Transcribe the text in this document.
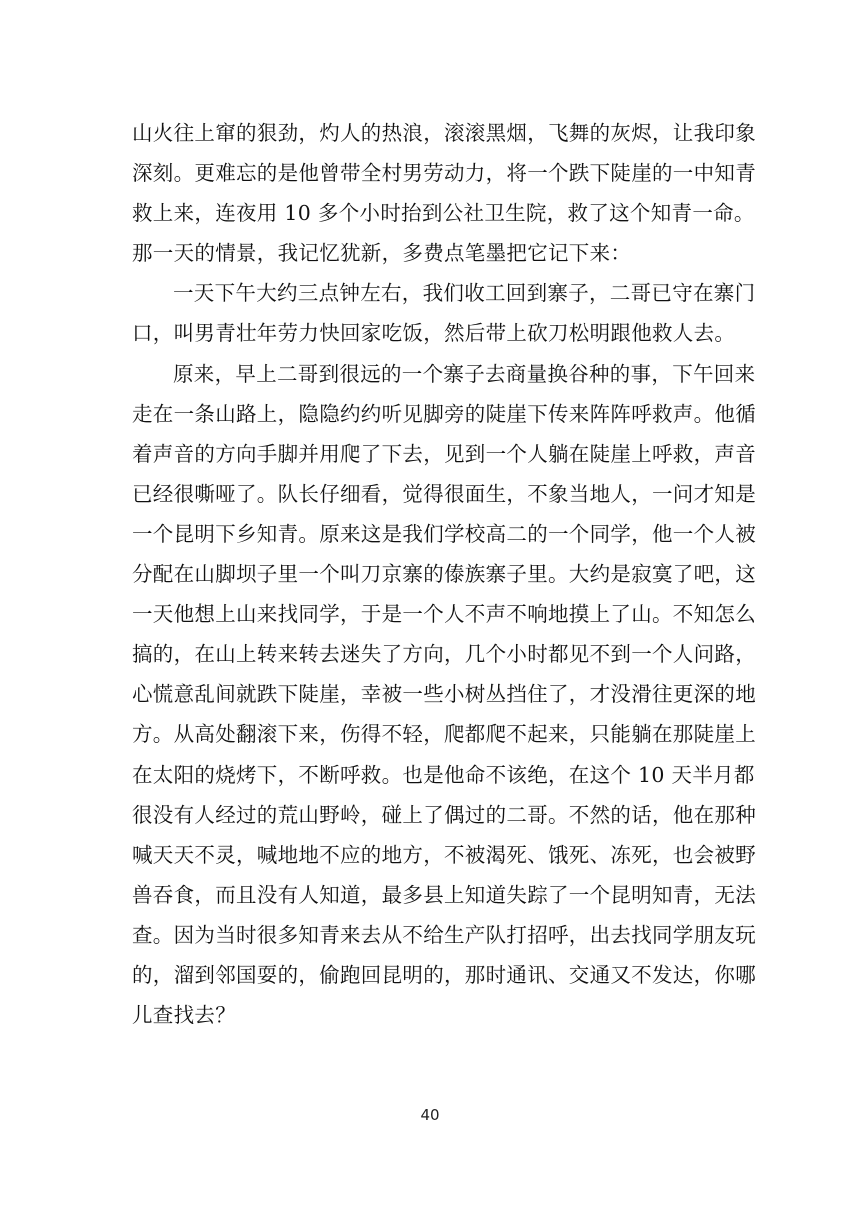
山火往上窜的狠劲，灼人的热浪，滚滚黑烟，飞舞的灰烬，让我印象
深刻。更难忘的是他曾带全村男劳动力，将一个跌下陡崖的一中知青
救上来，连夜用 10 多个小时抬到公社卫生院，救了这个知青一命。
那一天的情景，我记忆犹新，多费点笔墨把它记下来：
一天下午大约三点钟左右，我们收工回到寨子，二哥已守在寨门
口，叫男青壮年劳力快回家吃饭，然后带上砍刀松明跟他救人去。
原来，早上二哥到很远的一个寨子去商量换谷种的事，下午回来
走在一条山路上，隐隐约约听见脚旁的陡崖下传来阵阵呼救声。他循
着声音的方向手脚并用爬了下去，见到一个人躺在陡崖上呼救，声音
已经很嘶哑了。队长仔细看，觉得很面生，不象当地人，一问才知是
一个昆明下乡知青。原来这是我们学校高二的一个同学，他一个人被
分配在山脚坝子里一个叫刀京寨的傣族寨子里。大约是寂寞了吧，这
一天他想上山来找同学，于是一个人不声不响地摸上了山。不知怎么
搞的，在山上转来转去迷失了方向，几个小时都见不到一个人问路，
心慌意乱间就跌下陡崖，幸被一些小树丛挡住了，才没滑往更深的地
方。从高处翻滚下来，伤得不轻，爬都爬不起来，只能躺在那陡崖上
在太阳的烧烤下，不断呼救。也是他命不该绝，在这个 10 天半月都
很没有人经过的荒山野岭，碰上了偶过的二哥。不然的话，他在那种
喊天天不灵，喊地地不应的地方，不被渴死、饿死、冻死，也会被野
兽吞食，而且没有人知道，最多县上知道失踪了一个昆明知青，无法
查。因为当时很多知青来去从不给生产队打招呼，出去找同学朋友玩
的，溜到邻国耍的，偷跑回昆明的，那时通讯、交通又不发达，你哪
儿查找去？
40
